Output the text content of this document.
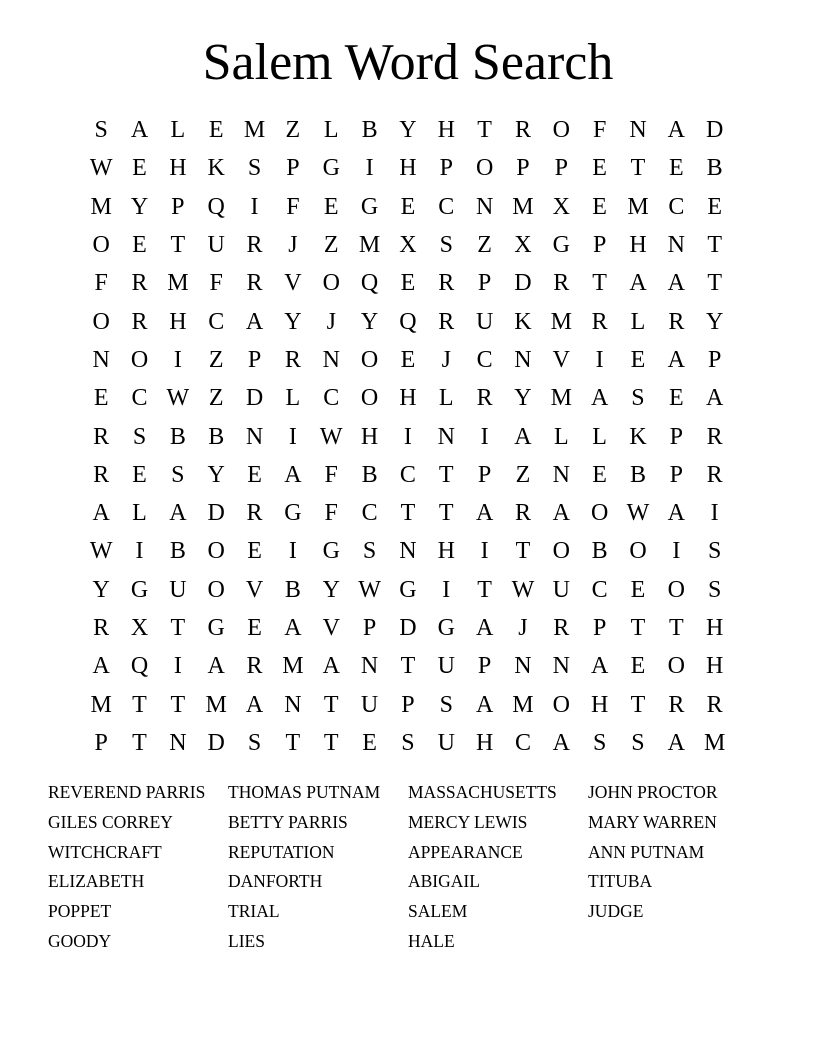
Salem Word Search
S A L E M Z L B Y H T R O F N A D
W E H K S	P G	I	H P O P	P	E T E B
M Y P Q	I	F	E G E C N M X E M C E
O E T U R	J	Z M X S	Z X G P H N T
F R M F R V O Q E R P D R T A A T
O R H C A Y	J	Y Q R U K M R L R Y
N O	I	Z	P R N O E	J	C N V	I	E A P
E C W Z D L C O H L R Y M A S	E A
R S B B N	I W H	I	N	I	A L L K P R
R E	S Y E A F B C T	P	Z N E B P R
A L A D R G F C T T A R A O W A	I
W I	B O E	I	G S N H	I	T O B O	I	S
Y G U O V B Y W G	I	T W U C E O S
R X T G E A V P D G A	J	R P	T T H
A Q	I	A R M A N T U P N N A E O H
M T T M A N T U P	S A M O H T R R
P	T N D S	T T E	S U H C A S	S A M
REVEREND PARRIS
GILES CORREY
WITCHCRAFT
ELIZABETH
POPPET
GOODY
THOMAS PUTNAM
BETTY PARRIS
REPUTATION
DANFORTH
TRIAL
LIES
MASSACHUSETTS
MERCY LEWIS
APPEARANCE
ABIGAIL
SALEM
HALE
JOHN PROCTOR
MARY WARREN
ANN PUTNAM
TITUBA
JUDGE
